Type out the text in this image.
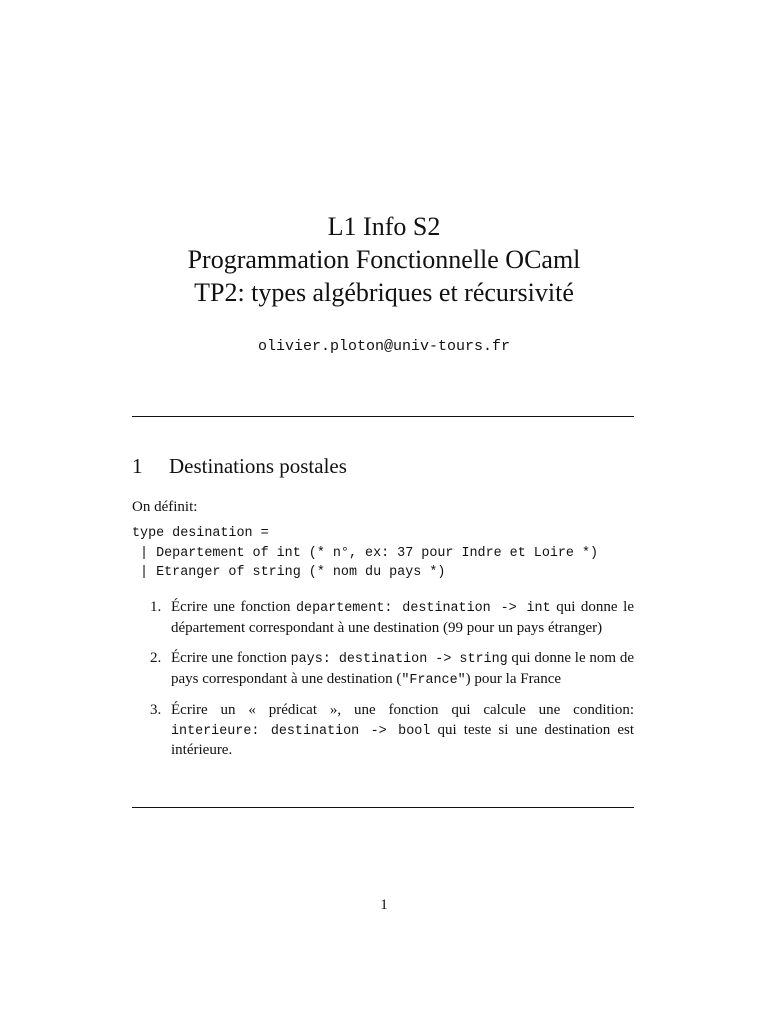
L1 Info S2
Programmation Fonctionnelle OCaml
TP2: types algébriques et récursivité
olivier.ploton@univ-tours.fr
1 Destinations postales
On définit:
type desination =
| Departement of int (* n°, ex: 37 pour Indre et Loire *)
| Etranger of string (* nom du pays *)
1. Écrire une fonction departement: destination -> int qui donne le département correspondant à une destination (99 pour un pays étranger)
2. Écrire une fonction pays: destination -> string qui donne le nom de pays correspondant à une destination ("France") pour la France
3. Écrire un « prédicat », une fonction qui calcule une condition: interieure: destination -> bool qui teste si une destination est intérieure.
1
